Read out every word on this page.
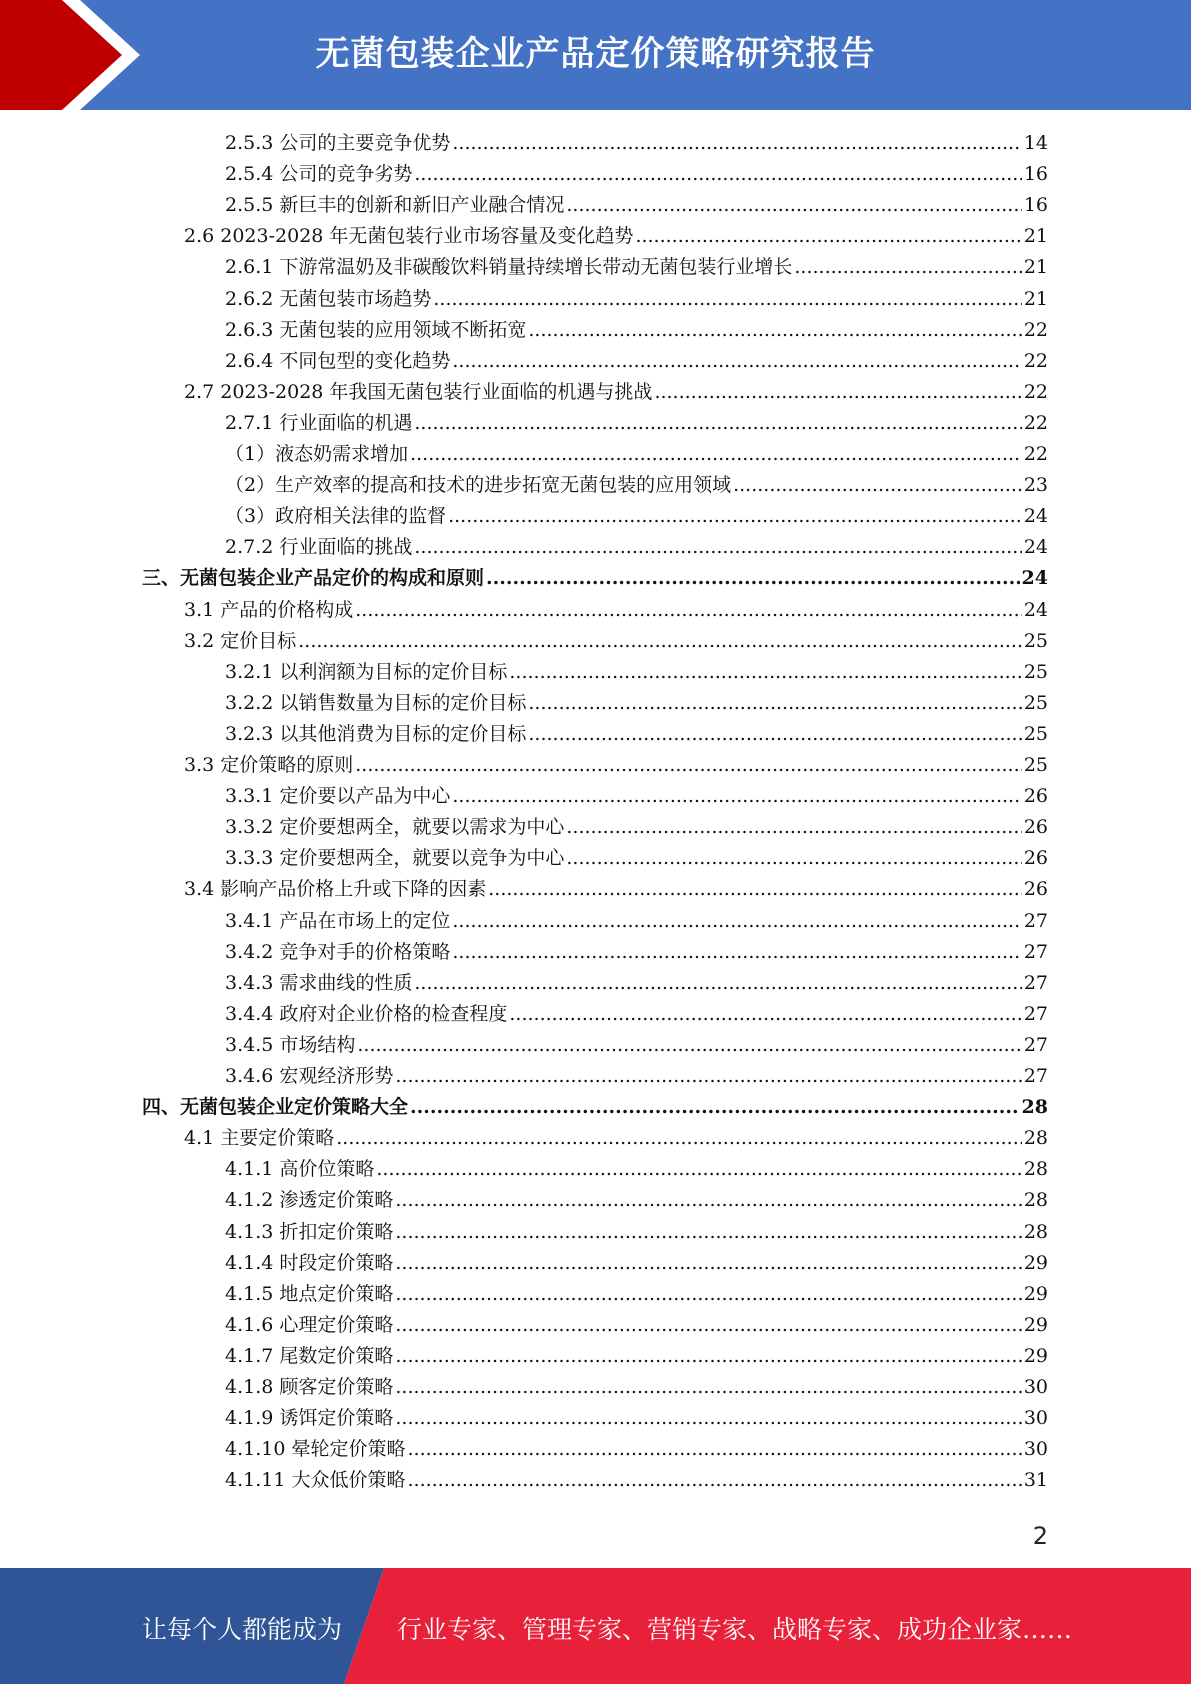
无菌包装企业产品定价策略研究报告
2.5.3 公司的主要竞争优势 .....	14
2.5.4 公司的竞争劣势 .....	16
2.5.5 新巨丰的创新和新旧产业融合情况 .....	16
2.6 2023-2028 年无菌包装行业市场容量及变化趋势 .....	21
2.6.1 下游常温奶及非碳酸饮料销量持续增长带动无菌包装行业增长 .....	21
2.6.2 无菌包装市场趋势 .....	21
2.6.3 无菌包装的应用领域不断拓宽 .....	22
2.6.4 不同包型的变化趋势 .....	22
2.7 2023-2028 年我国无菌包装行业面临的机遇与挑战 .....	22
2.7.1 行业面临的机遇 .....	22
（1）液态奶需求增加 .....	22
（2）生产效率的提高和技术的进步拓宽无菌包装的应用领域 .....	23
（3）政府相关法律的监督 .....	24
2.7.2 行业面临的挑战 .....	24
三、无菌包装企业产品定价的构成和原则 .....	24
3.1 产品的价格构成 .....	24
3.2 定价目标 .....	25
3.2.1 以利润额为目标的定价目标 .....	25
3.2.2 以销售数量为目标的定价目标 .....	25
3.2.3 以其他消费为目标的定价目标 .....	25
3.3 定价策略的原则 .....	25
3.3.1 定价要以产品为中心 .....	26
3.3.2 定价要想两全，就要以需求为中心 .....	26
3.3.3 定价要想两全，就要以竞争为中心 .....	26
3.4 影响产品价格上升或下降的因素 .....	26
3.4.1 产品在市场上的定位 .....	27
3.4.2 竞争对手的价格策略 .....	27
3.4.3 需求曲线的性质 .....	27
3.4.4 政府对企业价格的检查程度 .....	27
3.4.5 市场结构 .....	27
3.4.6 宏观经济形势 .....	27
四、无菌包装企业定价策略大全 .....	28
4.1 主要定价策略 .....	28
4.1.1 高价位策略 .....	28
4.1.2 渗透定价策略 .....	28
4.1.3 折扣定价策略 .....	28
4.1.4 时段定价策略 .....	29
4.1.5 地点定价策略 .....	29
4.1.6 心理定价策略 .....	29
4.1.7 尾数定价策略 .....	29
4.1.8 顾客定价策略 .....	30
4.1.9 诱饵定价策略 .....	30
4.1.10 晕轮定价策略 .....	30
4.1.11 大众低价策略 .....	31
2
让每个人都能成为 行业专家、管理专家、营销专家、战略专家、成功企业家……
